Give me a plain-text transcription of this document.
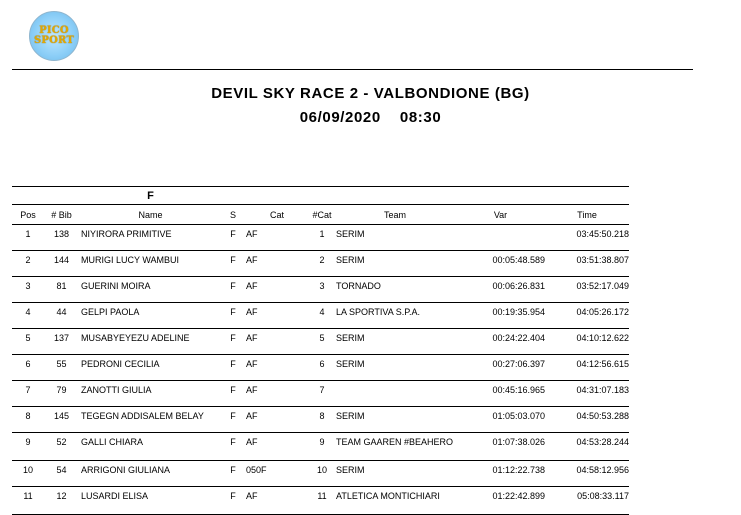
PICO
SPORT
DEVIL SKY RACE 2 - VALBONDIONE (BG)
06/09/2020 08:30
		F						
Pos	# Bib	Name	S	Cat	#Cat	Team	Var	Time
1	138	NIYIRORA PRIMITIVE	F	AF	1	SERIM		03:45:50.218
2	144	MURIGI LUCY WAMBUI	F	AF	2	SERIM	00:05:48.589	03:51:38.807
3	81	GUERINI MOIRA	F	AF	3	TORNADO	00:06:26.831	03:52:17.049
4	44	GELPI PAOLA	F	AF	4	LA SPORTIVA S.P.A.	00:19:35.954	04:05:26.172
5	137	MUSABYEYEZU ADELINE	F	AF	5	SERIM	00:24:22.404	04:10:12.622
6	55	PEDRONI CECILIA	F	AF	6	SERIM	00:27:06.397	04:12:56.615
7	79	ZANOTTI GIULIA	F	AF	7		00:45:16.965	04:31:07.183
8	145	TEGEGN ADDISALEM BELAY	F	AF	8	SERIM	01:05:03.070	04:50:53.288
9	52	GALLI CHIARA	F	AF	9	TEAM GAAREN #BEAHERO	01:07:38.026	04:53:28.244
10	54	ARRIGONI GIULIANA	F	050F	10	SERIM	01:12:22.738	04:58:12.956
11	12	LUSARDI ELISA	F	AF	11	ATLETICA MONTICHIARI	01:22:42.899	05:08:33.117
